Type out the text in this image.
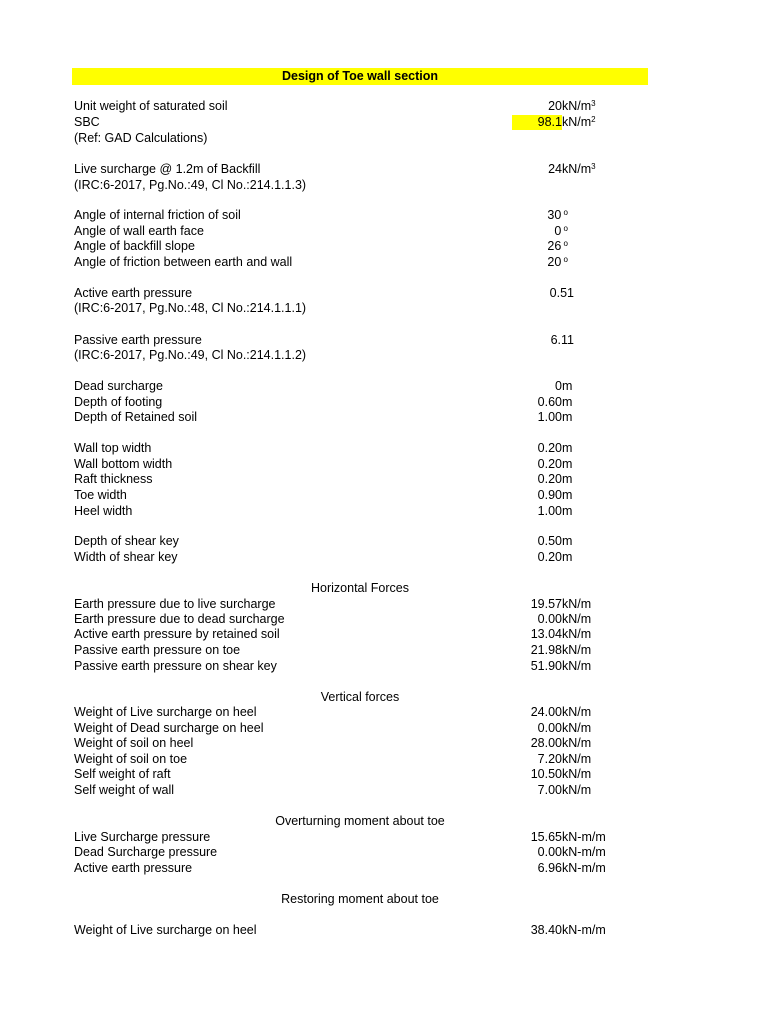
Design of Toe wall section
Unit weight of saturated soil	20 $kN/m^3$
SBC	98.1 $kN/m^2$
(Ref: GAD Calculations)
Live surcharge @ 1.2m of Backfill	24 $kN/m^3$
(IRC:6-2017, Pg.No.:49, Cl No.:214.1.1.3)
Angle of internal friction of soil	30 $^o$
Angle of wall earth face	0 $^o$
Angle of backfill slope	26 $^o$
Angle of friction between earth and wall	20 $^o$
Active earth pressure	0.51
(IRC:6-2017, Pg.No.:48, Cl No.:214.1.1.1)
Passive earth pressure	6.11
(IRC:6-2017, Pg.No.:49, Cl No.:214.1.1.2)
Dead surcharge	0 m
Depth of footing	0.60 m
Depth of Retained soil	1.00 m
Wall top width	0.20 m
Wall bottom width	0.20 m
Raft thickness	0.20 m
Toe width	0.90 m
Heel width	1.00 m
Depth of shear key	0.50 m
Width of shear key	0.20 m
Horizontal Forces
Earth pressure due to live surcharge	19.57 kN/m
Earth pressure due to dead surcharge	0.00 kN/m
Active earth pressure by retained soil	13.04 kN/m
Passive earth pressure on toe	21.98 kN/m
Passive earth pressure on shear key	51.90 kN/m
Vertical forces
Weight of Live surcharge on heel	24.00 kN/m
Weight of Dead surcharge on heel	0.00 kN/m
Weight of soil on heel	28.00 kN/m
Weight of soil on toe	7.20 kN/m
Self weight of raft	10.50 kN/m
Self weight of wall	7.00 kN/m
Overturning moment about toe
Live Surcharge pressure	15.65 kN-m/m
Dead Surcharge pressure	0.00 kN-m/m
Active earth pressure	6.96 kN-m/m
Restoring moment about toe
Weight of Live surcharge on heel	38.40 kN-m/m
